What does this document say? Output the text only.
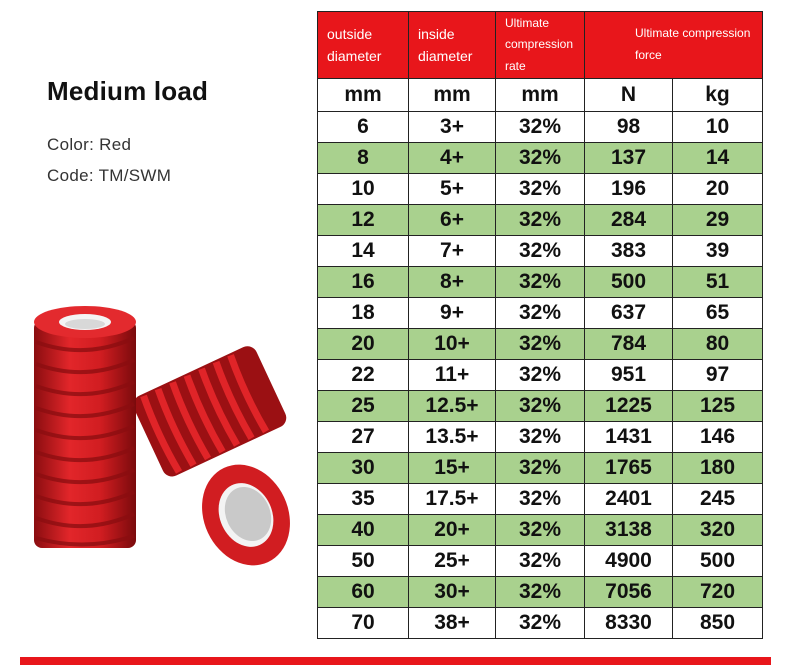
Medium load
Color: Red
Code: TM/SWM
outside diameter	inside diameter	Ultimate compression rate	Ultimate compression force	
mm	mm	mm	N	kg
6	3+	32%	98	10
8	4+	32%	137	14
10	5+	32%	196	20
12	6+	32%	284	29
14	7+	32%	383	39
16	8+	32%	500	51
18	9+	32%	637	65
20	10+	32%	784	80
22	11+	32%	951	97
25	12.5+	32%	1225	125
27	13.5+	32%	1431	146
30	15+	32%	1765	180
35	17.5+	32%	2401	245
40	20+	32%	3138	320
50	25+	32%	4900	500
60	30+	32%	7056	720
70	38+	32%	8330	850
